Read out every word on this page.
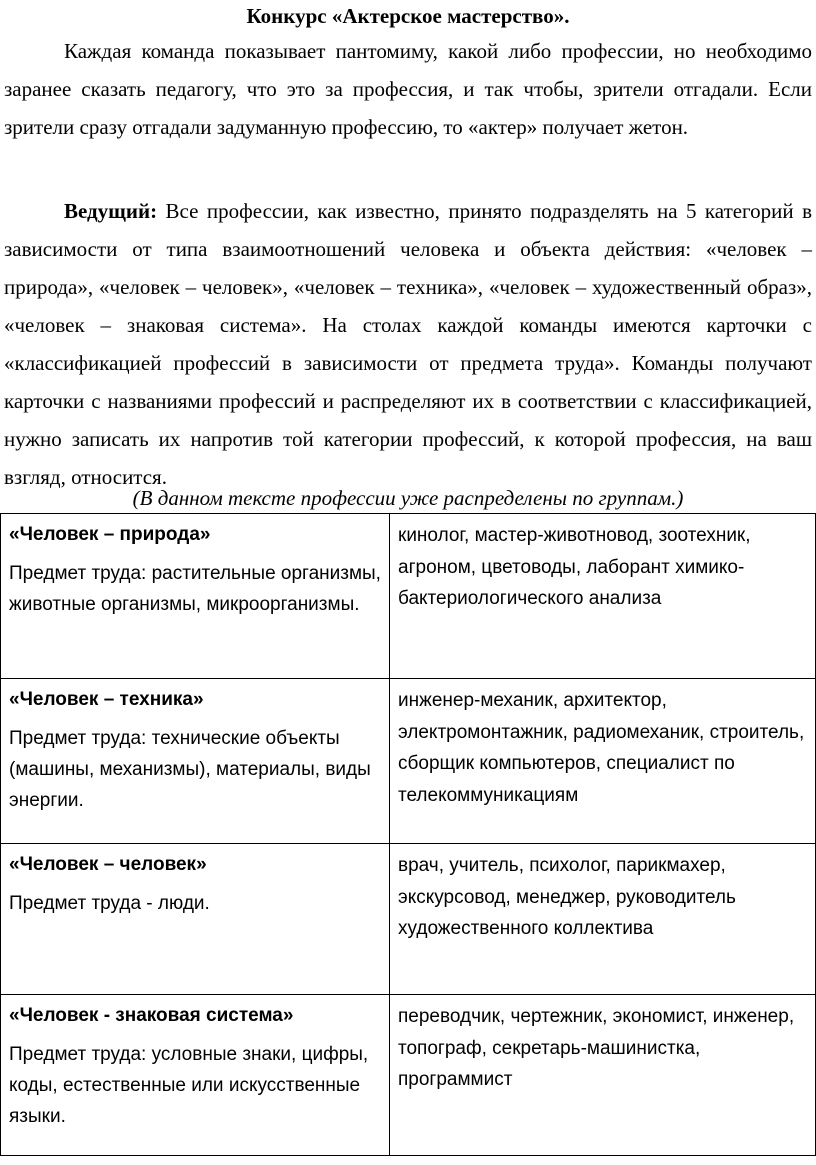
Конкурс «Актерское мастерство».

Каждая команда показывает пантомиму, какой либо профессии, но необходимо заранее сказать педагогу, что это за профессия, и так чтобы, зрители отгадали. Если зрители сразу отгадали задуманную профессию, то «актер» получает жетон.

Ведущий: Все профессии, как известно, принято подразделять на 5 категорий в зависимости от типа взаимоотношений человека и объекта действия: «человек – природа», «человек – человек», «человек – техника», «человек – художественный образ», «человек – знаковая система». На столах каждой команды имеются карточки с «классификацией профессий в зависимости от предмета труда». Команды получают карточки с названиями профессий и распределяют их в соответствии с классификацией, нужно записать их напротив той категории профессий, к которой профессия, на ваш взгляд, относится.

(В данном тексте профессии уже распределены по группам.)
«Человек – природа»
Предмет труда: растительные организмы, животные организмы, микроорганизмы.	кинолог, мастер-животновод, зоотехник, агроном, цветоводы, лаборант химико-бактериологического анализа

«Человек – техника»
Предмет труда: технические объекты (машины, механизмы), материалы, виды энергии.	инженер-механик, архитектор, электромонтажник, радиомеханик, строитель, сборщик компьютеров, специалист по телекоммуникациям

«Человек – человек»
Предмет труда - люди.	врач, учитель, психолог, парикмахер, экскурсовод, менеджер, руководитель художественного коллектива

«Человек - знаковая система»
Предмет труда: условные знаки, цифры, коды, естественные или искусственные языки.	переводчик, чертежник, экономист, инженер, топограф, секретарь-машинистка, программист
